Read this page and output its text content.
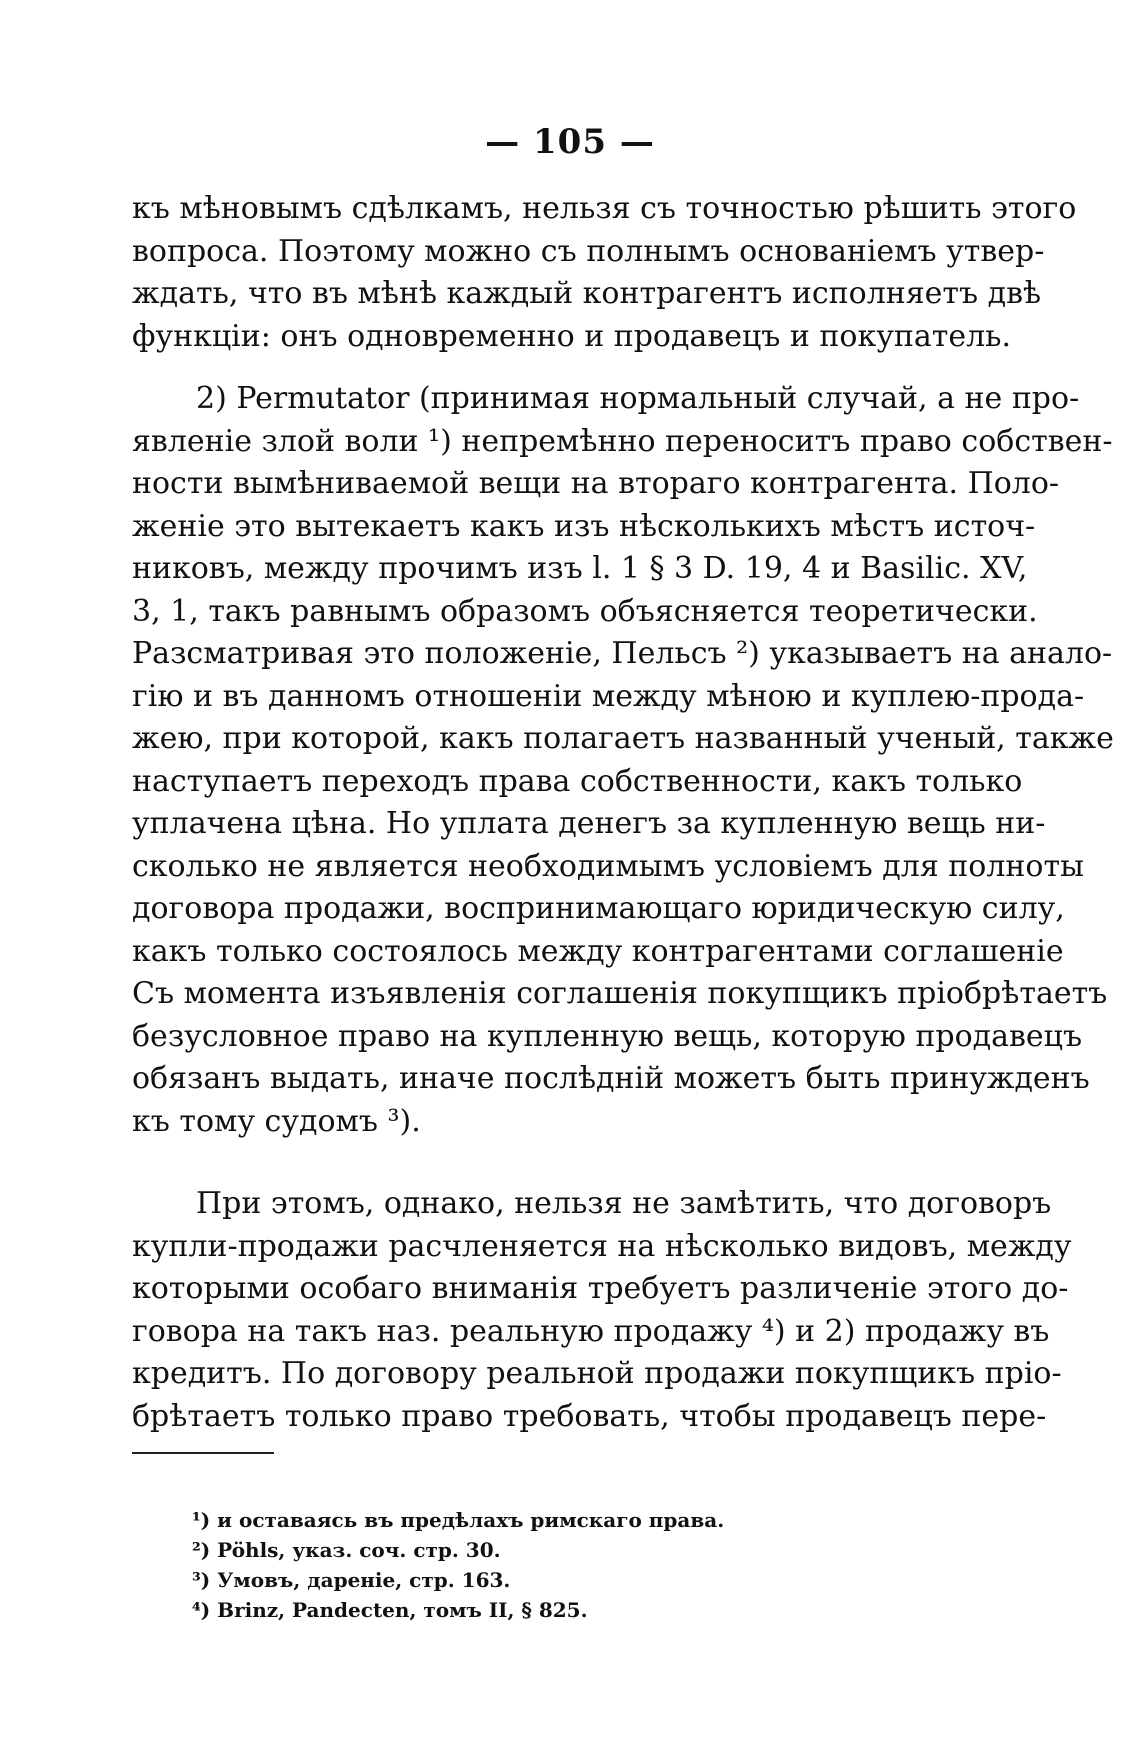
— 105 —
къ мѣновымъ сдѣлкамъ, нельзя съ точностью рѣшить этого
вопроса. Поэтому можно съ полнымъ основаніемъ утвер-
ждать, что въ мѣнѣ каждый контрагентъ исполняетъ двѣ
функціи: онъ одновременно и продавецъ и покупатель.
2) Permutator (принимая нормальный случай, а не про-
явленіе злой воли ¹) непремѣнно переноситъ право собствен-
ности вымѣниваемой вещи на втораго контрагента. Поло-
женіе это вытекаетъ какъ изъ нѣсколькихъ мѣстъ источ-
никовъ, между прочимъ изъ l. 1 § 3 D. 19, 4 и Basilic. XV,
3, 1, такъ равнымъ образомъ объясняется теоретически.
Разсматривая это положеніе, Пельсъ ²) указываетъ на анало-
гію и въ данномъ отношеніи между мѣною и куплею-прода-
жею, при которой, какъ полагаетъ названный ученый, также
наступаетъ переходъ права собственности, какъ только
уплачена цѣна. Но уплата денегъ за купленную вещь ни-
сколько не является необходимымъ условіемъ для полноты
договора продажи, воспринимающаго юридическую силу,
какъ только состоялось между контрагентами соглашеніе
Съ момента изъявленія соглашенія покупщикъ пріобрѣтаетъ
безусловное право на купленную вещь, которую продавецъ
обязанъ выдать, иначе послѣдній можетъ быть принужденъ
къ тому судомъ ³).
При этомъ, однако, нельзя не замѣтить, что договоръ
купли-продажи расчленяется на нѣсколько видовъ, между
которыми особаго вниманія требуетъ различеніе этого до-
говора на такъ наз. реальную продажу ⁴) и 2) продажу въ
кредитъ. По договору реальной продажи покупщикъ пріо-
брѣтаетъ только право требовать, чтобы продавецъ пере-
¹) и оставаясь въ предѣлахъ римскаго права.
²) Pöhls, указ. соч. стр. 30.
³) Умовъ, дареніе, стр. 163.
⁴) Brinz, Pandecten, томъ II, § 825.
